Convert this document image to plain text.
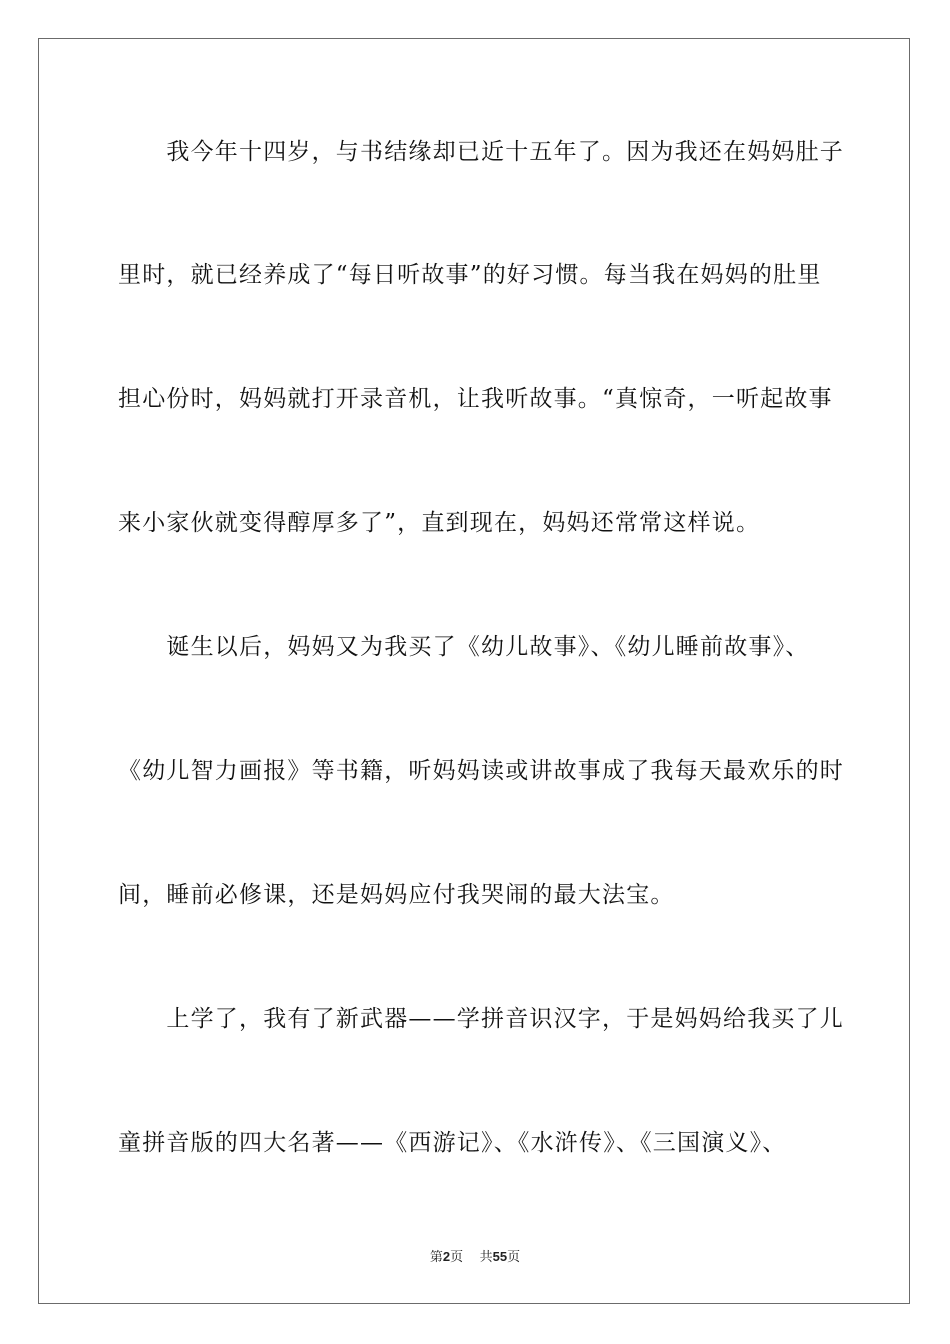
　　我今年十四岁，与书结缘却已近十五年了。因为我还在妈妈肚子
里时，就已经养成了“每日听故事”的好习惯。每当我在妈妈的肚里
担心份时，妈妈就打开录音机，让我听故事。“真惊奇，一听起故事
来小家伙就变得醇厚多了”，直到现在，妈妈还常常这样说。
　　诞生以后，妈妈又为我买了《幼儿故事》、《幼儿睡前故事》、
《幼儿智力画报》等书籍，听妈妈读或讲故事成了我每天最欢乐的时
间，睡前必修课，还是妈妈应付我哭闹的最大法宝。
　　上学了，我有了新武器——学拼音识汉字，于是妈妈给我买了儿
童拼音版的四大名著——《西游记》、《水浒传》、《三国演义》、
第2页 共55页
